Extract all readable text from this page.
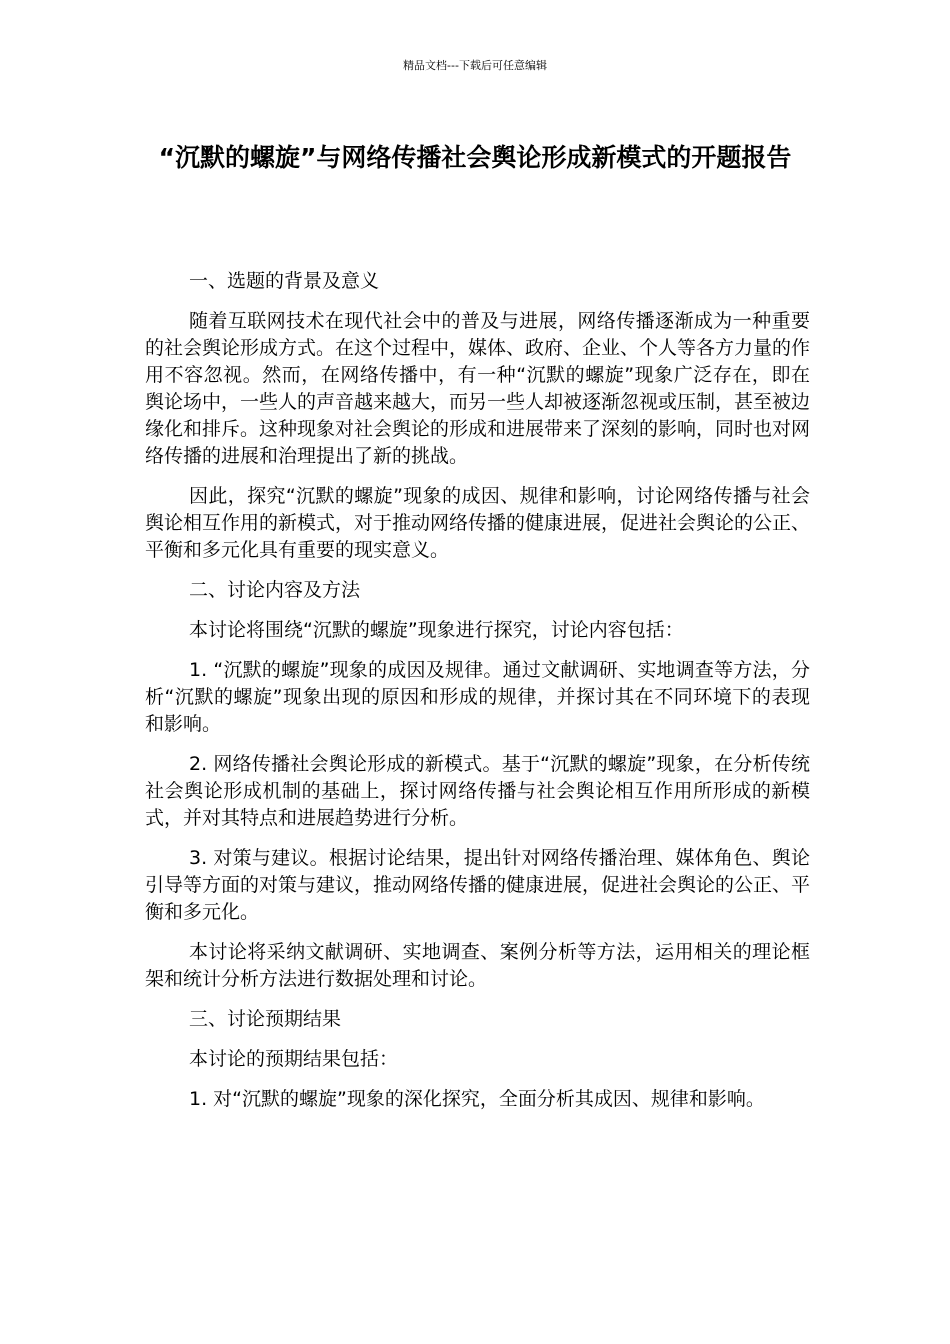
精品文档---下载后可任意编辑
“沉默的螺旋”与网络传播社会舆论形成新模式的开题报告

一、选题的背景及意义

随着互联网技术在现代社会中的普及与进展，网络传播逐渐成为一种重要的社会舆论形成方式。在这个过程中，媒体、政府、企业、个人等各方力量的作用不容忽视。然而，在网络传播中，有一种“沉默的螺旋”现象广泛存在，即在舆论场中，一些人的声音越来越大，而另一些人却被逐渐忽视或压制，甚至被边缘化和排斥。这种现象对社会舆论的形成和进展带来了深刻的影响，同时也对网络传播的进展和治理提出了新的挑战。

因此，探究“沉默的螺旋”现象的成因、规律和影响，讨论网络传播与社会舆论相互作用的新模式，对于推动网络传播的健康进展，促进社会舆论的公正、平衡和多元化具有重要的现实意义。

二、讨论内容及方法

本讨论将围绕“沉默的螺旋”现象进行探究，讨论内容包括：

1. “沉默的螺旋”现象的成因及规律。通过文献调研、实地调查等方法，分析“沉默的螺旋”现象出现的原因和形成的规律，并探讨其在不同环境下的表现和影响。

2. 网络传播社会舆论形成的新模式。基于“沉默的螺旋”现象，在分析传统社会舆论形成机制的基础上，探讨网络传播与社会舆论相互作用所形成的新模式，并对其特点和进展趋势进行分析。

3. 对策与建议。根据讨论结果，提出针对网络传播治理、媒体角色、舆论引导等方面的对策与建议，推动网络传播的健康进展，促进社会舆论的公正、平衡和多元化。

本讨论将采纳文献调研、实地调查、案例分析等方法，运用相关的理论框架和统计分析方法进行数据处理和讨论。

三、讨论预期结果

本讨论的预期结果包括：

1. 对“沉默的螺旋”现象的深化探究，全面分析其成因、规律和影响。
